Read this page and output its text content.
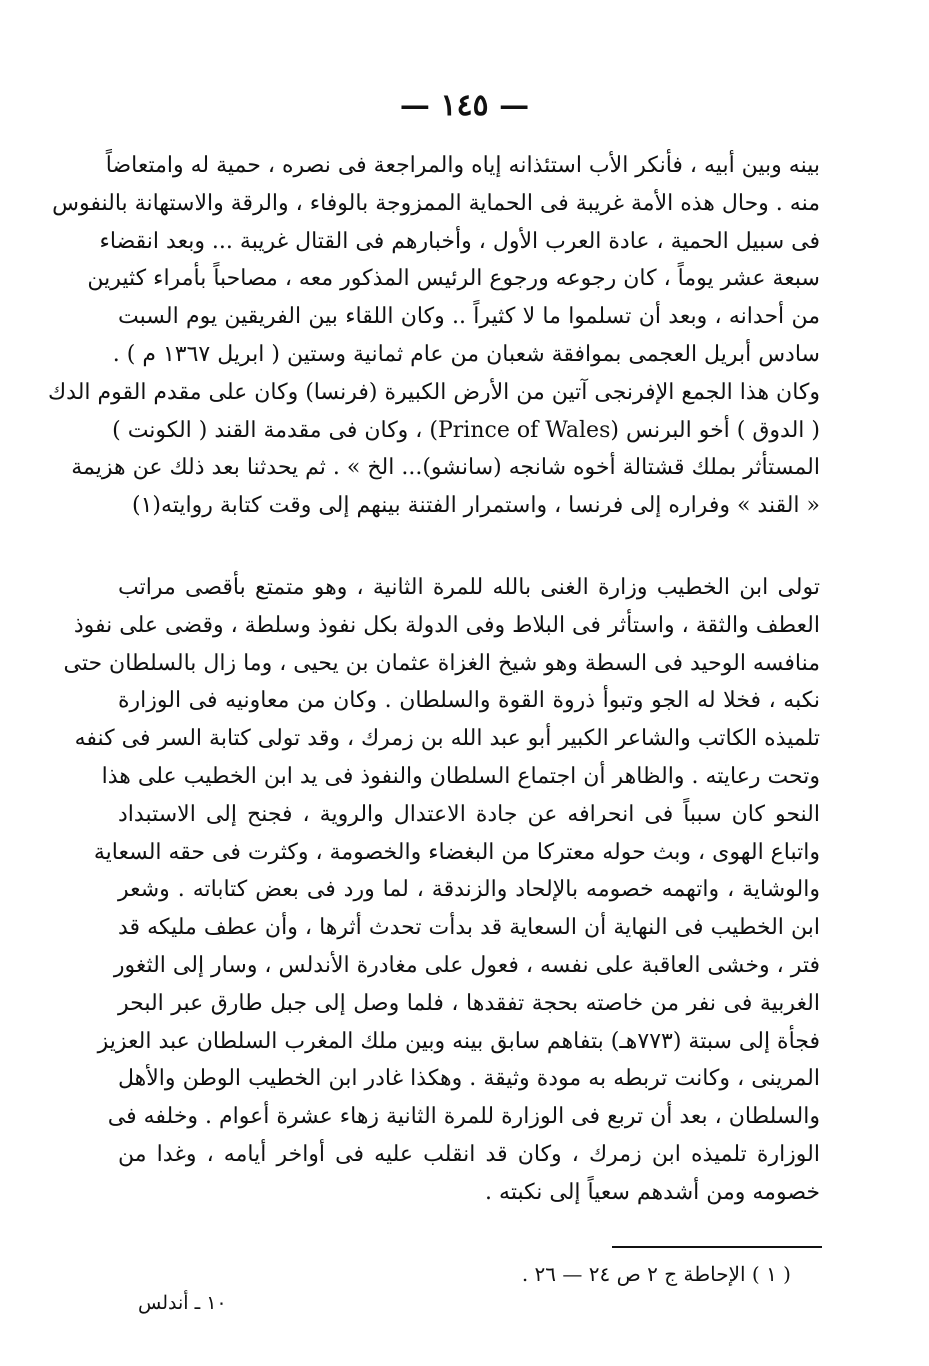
— ١٤٥ —
بينه وبين أبيه ، فأنكر الأب استئذانه إياه والمراجعة فى نصره ، حمية له وامتعاضاً
منه . وحال هذه الأمة غريبة فى الحماية الممزوجة بالوفاء ، والرقة والاستهانة بالنفوس
فى سبيل الحمية ، عادة العرب الأول ، وأخبارهم فى القتال غريبة ... وبعد انقضاء
سبعة عشر يوماً ، كان رجوعه ورجوع الرئيس المذكور معه ، مصاحباً بأمراء كثيرين
من أحدانه ، وبعد أن تسلموا ما لا كثيراً .. وكان اللقاء بين الفريقين يوم السبت
سادس أبريل العجمى بموافقة شعبان من عام ثمانية وستين ( ابريل ١٣٦٧ م ) .
وكان هذا الجمع الإفرنجى آتين من الأرض الكبيرة (فرنسا) وكان على مقدم القوم الدك
( الدوق ) أخو البرنس (Prince of Wales) ، وكان فى مقدمة القند ( الكونت )
المستأثر بملك قشتالة أخوه شانجه (سانشو)... الخ » . ثم يحدثنا بعد ذلك عن هزيمة
« القند » وفراره إلى فرنسا ، واستمرار الفتنة بينهم إلى وقت كتابة روايته(١)
تولى ابن الخطيب وزارة الغنى بالله للمرة الثانية ، وهو متمتع بأقصى مراتب
العطف والثقة ، واستأثر فى البلاط وفى الدولة بكل نفوذ وسلطة ، وقضى على نفوذ
منافسه الوحيد فى السطة وهو شيخ الغزاة عثمان بن يحيى ، وما زال بالسلطان حتى
نكبه ، فخلا له الجو وتبوأ ذروة القوة والسلطان . وكان من معاونيه فى الوزارة
تلميذه الكاتب والشاعر الكبير أبو عبد الله بن زمرك ، وقد تولى كتابة السر فى كنفه
وتحت رعايته . والظاهر أن اجتماع السلطان والنفوذ فى يد ابن الخطيب على هذا
النحو كان سبباً فى انحرافه عن جادة الاعتدال والروية ، فجنح إلى الاستبداد
واتباع الهوى ، وبث حوله معتركا من البغضاء والخصومة ، وكثرت فى حقه السعاية
والوشاية ، واتهمه خصومه بالإلحاد والزندقة ، لما ورد فى بعض كتاباته . وشعر
ابن الخطيب فى النهاية أن السعاية قد بدأت تحدث أثرها ، وأن عطف مليكه قد
فتر ، وخشى العاقبة على نفسه ، فعول على مغادرة الأندلس ، وسار إلى الثغور
الغربية فى نفر من خاصته بحجة تفقدها ، فلما وصل إلى جبل طارق عبر البحر
فجأة إلى سبتة (٧٧٣هـ) بتفاهم سابق بينه وبين ملك المغرب السلطان عبد العزيز
المرينى ، وكانت تربطه به مودة وثيقة . وهكذا غادر ابن الخطيب الوطن والأهل
والسلطان ، بعد أن تربع فى الوزارة للمرة الثانية زهاء عشرة أعوام . وخلفه فى
الوزارة تلميذه ابن زمرك ، وكان قد انقلب عليه فى أواخر أيامه ، وغدا من
خصومه ومن أشدهم سعياً إلى نكبته .
( ١ ) الإحاطة ج ٢ ص ٢٤ — ٢٦ .
١٠ ـ أندلس
